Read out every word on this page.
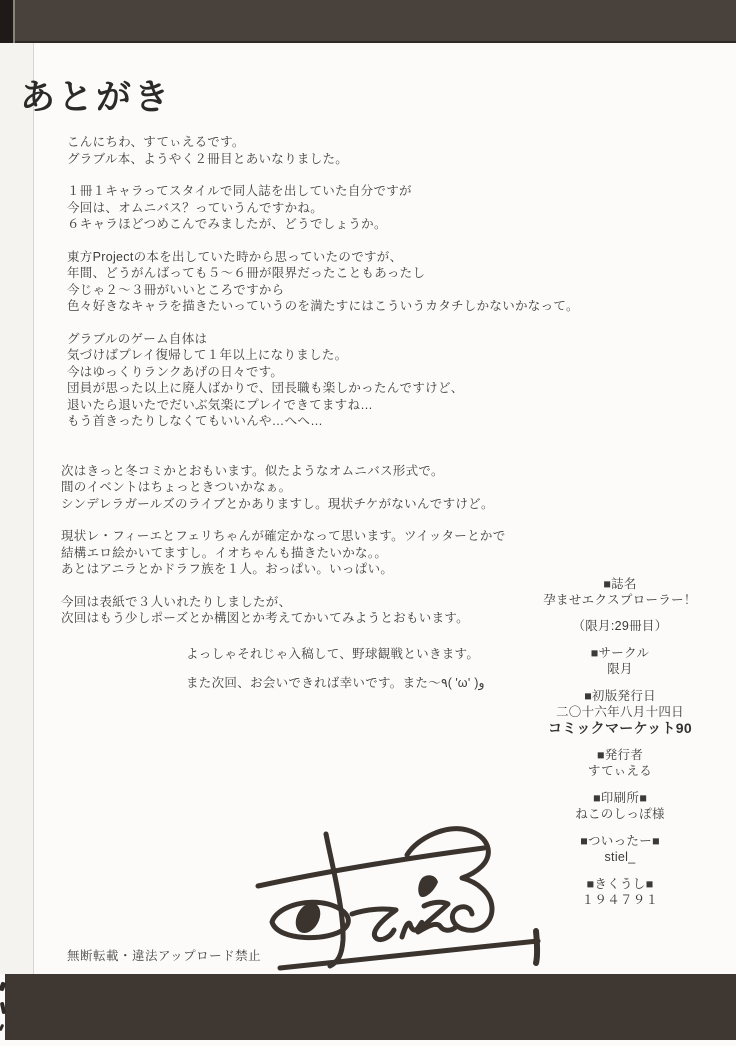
あとがき
こんにちわ、すてぃえるです。
グラブル本、ようやく２冊目とあいなりました。
１冊１キャラってスタイルで同人誌を出していた自分ですが
今回は、オムニバス？っていうんですかね。
６キャラほどつめこんでみましたが、どうでしょうか。
東方Projectの本を出していた時から思っていたのですが、
年間、どうがんばっても５～６冊が限界だったこともあったし
今じゃ２～３冊がいいところですから
色々好きなキャラを描きたいっていうのを満たすにはこういうカタチしかないかなって。
グラブルのゲーム自体は
気づけばプレイ復帰して１年以上になりました。
今はゆっくりランクあげの日々です。
団員が思った以上に廃人ばかりで、団長職も楽しかったんですけど、
退いたら退いたでだいぶ気楽にプレイできてますね…
もう首きったりしなくてもいいんや…へへ…
次はきっと冬コミかとおもいます。似たようなオムニバス形式で。
間のイベントはちょっときついかなぁ。
シンデレラガールズのライブとかありますし。現状チケがないんですけど。
現状レ・フィーエとフェリちゃんが確定かなって思います。ツイッターとかで
結構エロ絵かいてますし。イオちゃんも描きたいかな。。
あとはアニラとかドラフ族を１人。おっぱい。いっぱい。
今回は表紙で３人いれたりしましたが、
次回はもう少しポーズとか構図とか考えてかいてみようとおもいます。
よっしゃそれじゃ入稿して、野球観戦といきます。
また次回、お会いできれば幸いです。また～٩( 'ω' )و
■誌名
孕ませエクスプローラー！
（限月:29冊目）
■サークル
限月
■初版発行日
二〇十六年八月十四日
コミックマーケット90
■発行者
すてぃえる
■印刷所■
ねこのしっぽ様
■ついったー■
stiel_
■きくうし■
１９４７９１
無断転載・違法アップロード禁止
